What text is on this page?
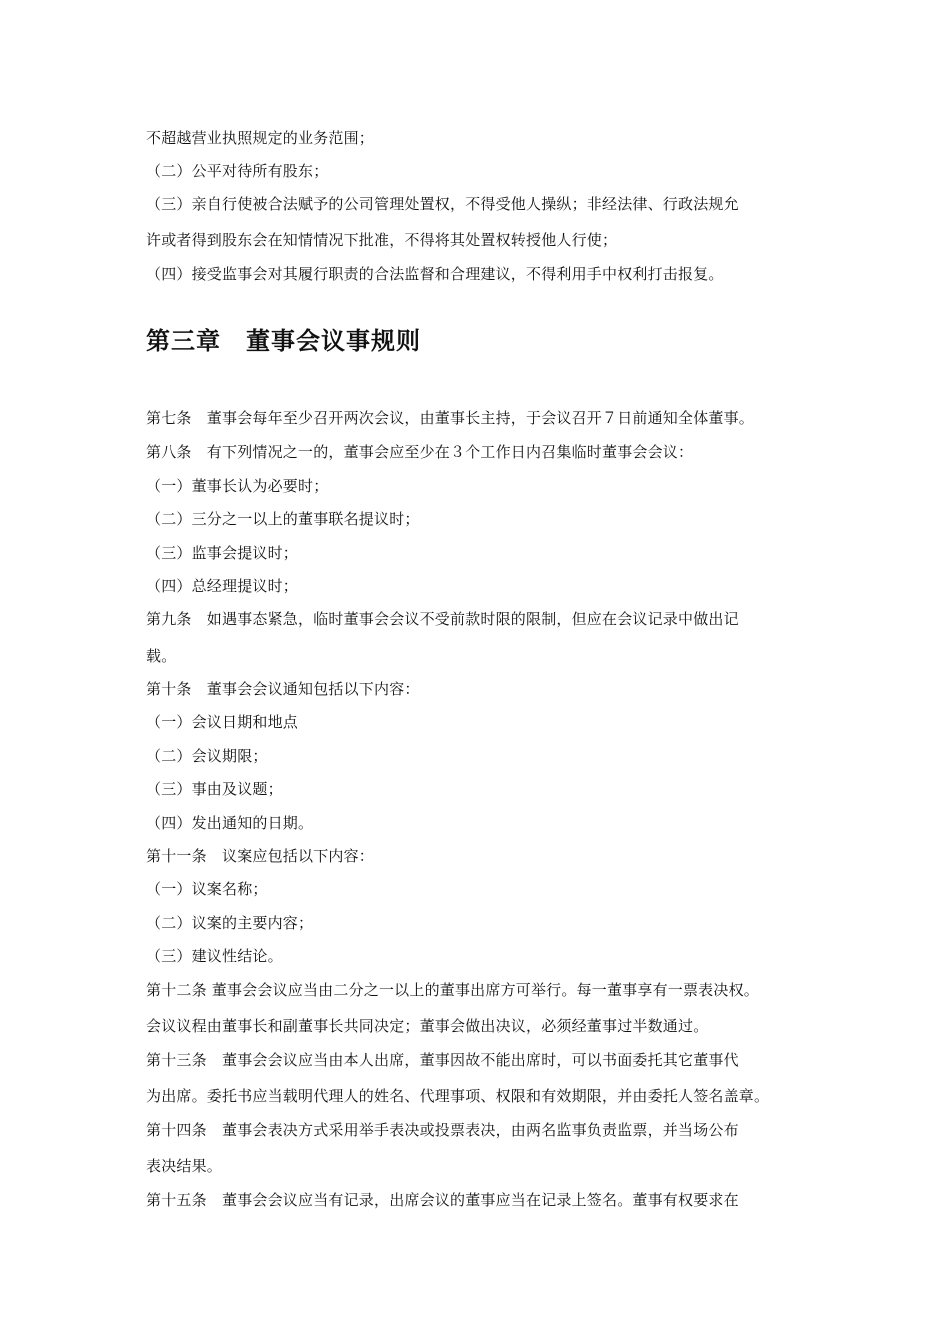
不超越营业执照规定的业务范围；
（二）公平对待所有股东；
（三）亲自行使被合法赋予的公司管理处置权，不得受他人操纵；非经法律、行政法规允
许或者得到股东会在知情情况下批准，不得将其处置权转授他人行使；
（四）接受监事会对其履行职责的合法监督和合理建议，不得利用手中权利打击报复。
第三章　董事会议事规则
第七条　董事会每年至少召开两次会议，由董事长主持，于会议召开７日前通知全体董事。
第八条　有下列情况之一的，董事会应至少在３个工作日内召集临时董事会会议：
（一）董事长认为必要时；
（二）三分之一以上的董事联名提议时；
（三）监事会提议时；
（四）总经理提议时；
第九条　如遇事态紧急，临时董事会会议不受前款时限的限制，但应在会议记录中做出记
载。
第十条　董事会会议通知包括以下内容：
（一）会议日期和地点
（二）会议期限；
（三）事由及议题；
（四）发出通知的日期。
第十一条　议案应包括以下内容：
（一）议案名称；
（二）议案的主要内容；
（三）建议性结论。
第十二条 董事会会议应当由二分之一以上的董事出席方可举行。每一董事享有一票表决权。
会议议程由董事长和副董事长共同决定；董事会做出决议，必须经董事过半数通过。
第十三条　董事会会议应当由本人出席，董事因故不能出席时，可以书面委托其它董事代
为出席。委托书应当载明代理人的姓名、代理事项、权限和有效期限，并由委托人签名盖章。
第十四条　董事会表决方式采用举手表决或投票表决，由两名监事负责监票，并当场公布
表决结果。
第十五条　董事会会议应当有记录，出席会议的董事应当在记录上签名。董事有权要求在
